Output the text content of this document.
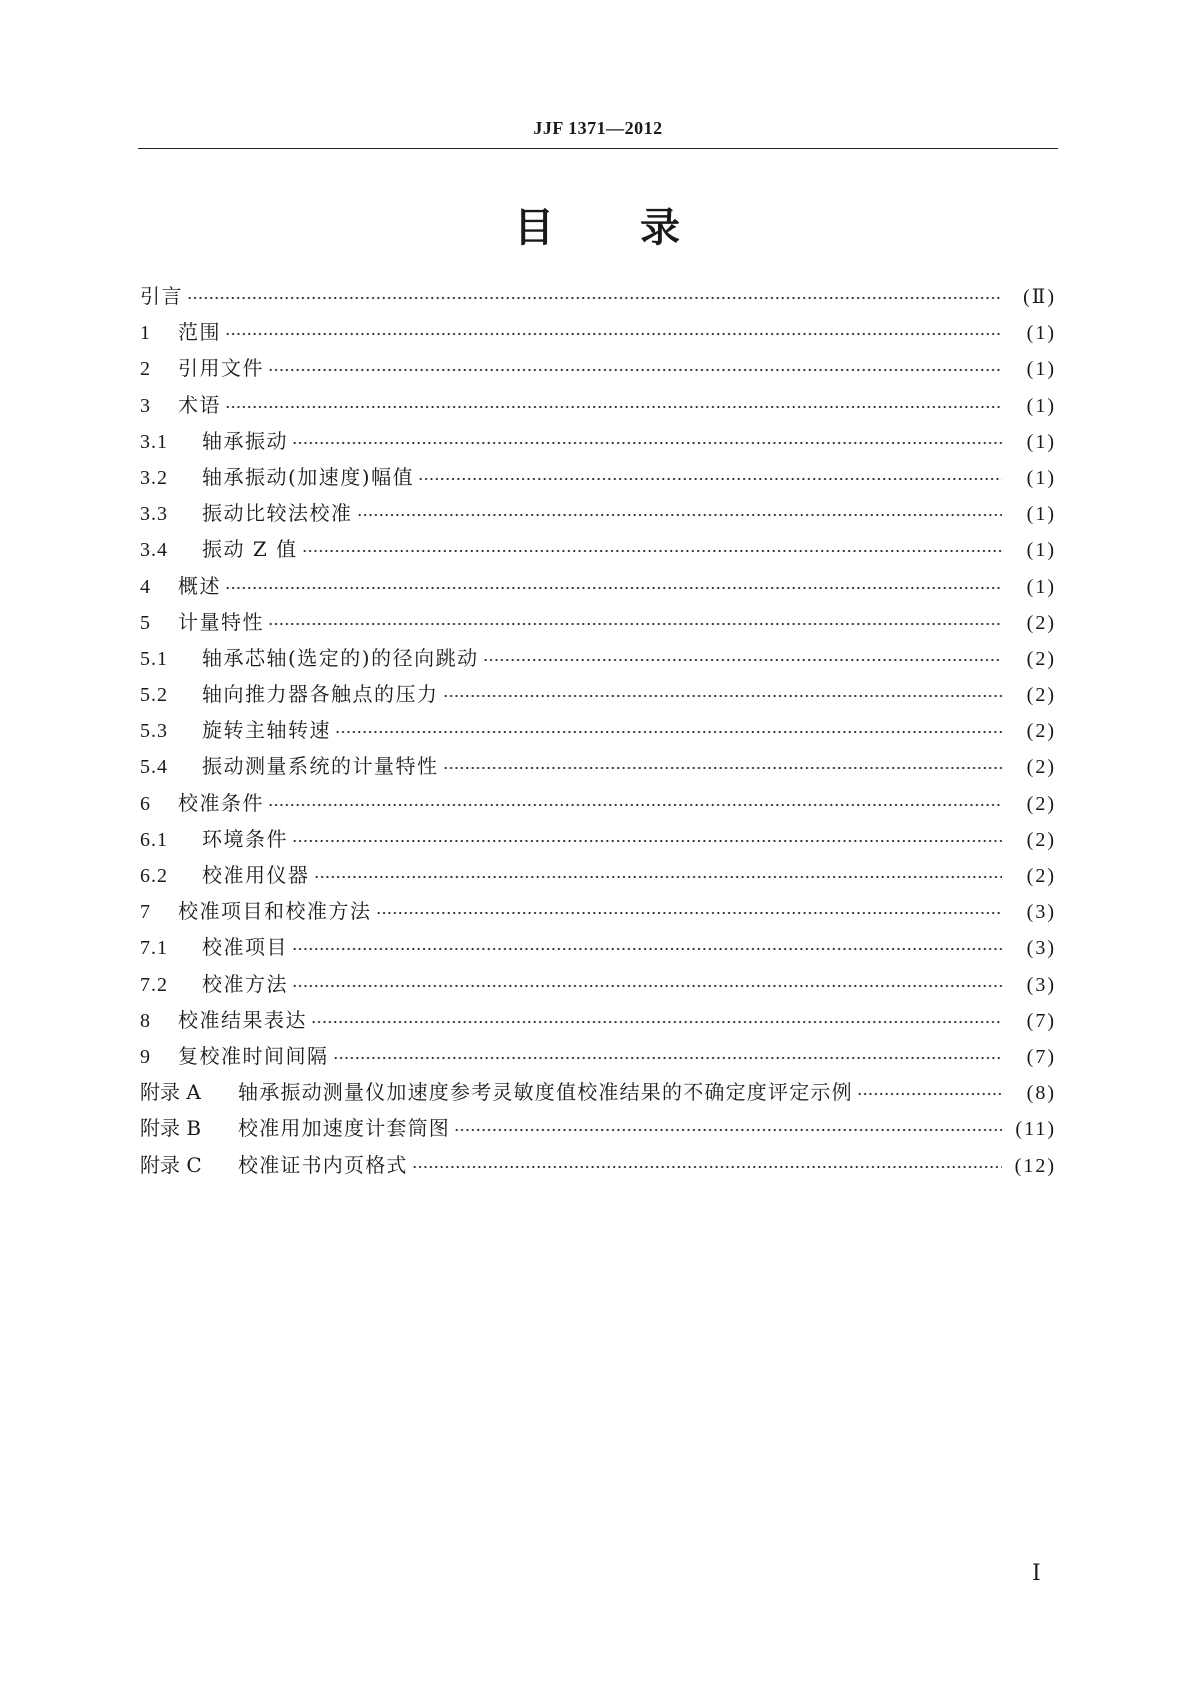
JJF 1371—2012
目 录
引言	(Ⅱ)
1	范围	(1)
2	引用文件	(1)
3	术语	(1)
3.1	轴承振动	(1)
3.2	轴承振动(加速度)幅值	(1)
3.3	振动比较法校准	(1)
3.4	振动 Z 值	(1)
4	概述	(1)
5	计量特性	(2)
5.1	轴承芯轴(选定的)的径向跳动	(2)
5.2	轴向推力器各触点的压力	(2)
5.3	旋转主轴转速	(2)
5.4	振动测量系统的计量特性	(2)
6	校准条件	(2)
6.1	环境条件	(2)
6.2	校准用仪器	(2)
7	校准项目和校准方法	(3)
7.1	校准项目	(3)
7.2	校准方法	(3)
8	校准结果表达	(7)
9	复校准时间间隔	(7)
附录 A	轴承振动测量仪加速度参考灵敏度值校准结果的不确定度评定示例	(8)
附录 B	校准用加速度计套筒图	(11)
附录 C	校准证书内页格式	(12)
Ⅰ
